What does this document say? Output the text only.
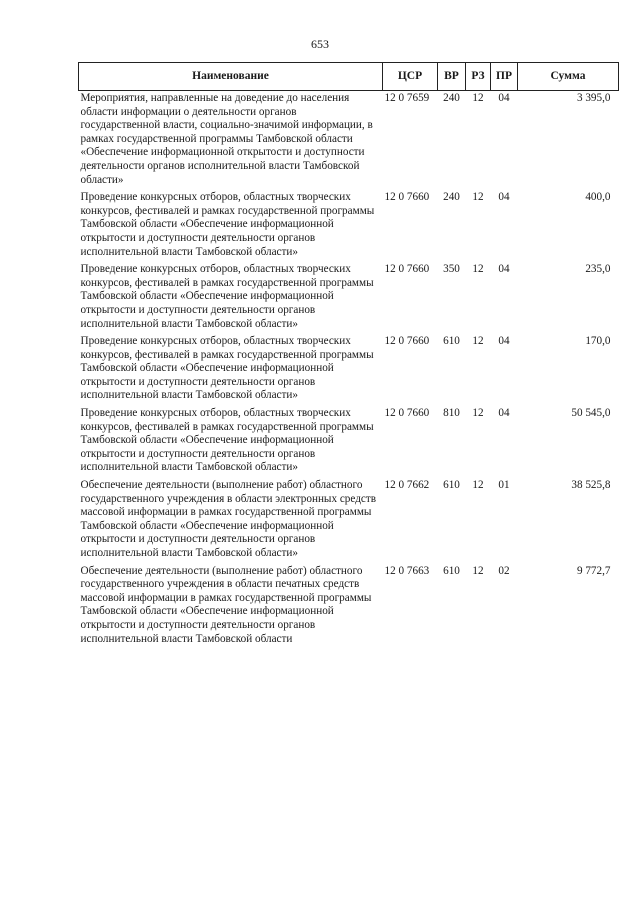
653
Наименование	ЦСР	ВР	РЗ	ПР	Сумма
Мероприятия, направленные на доведение до населения области информации о деятельности органов государственной власти, социально-значимой информации, в рамках государственной программы Тамбовской области «Обеспечение информационной открытости и доступности деятельности органов исполнительной власти Тамбовской области»	12 0 7659	240	12	04	3 395,0
Проведение конкурсных отборов, областных творческих конкурсов, фестивалей и рамках государственной программы Тамбовской области «Обеспечение информационной открытости и доступности деятельности органов исполнительной власти Тамбовской области»	12 0 7660	240	12	04	400,0
Проведение конкурсных отборов, областных творческих конкурсов, фестивалей в рамках государственной программы Тамбовской области «Обеспечение информационной открытости и доступности деятельности органов исполнительной власти Тамбовской области»	12 0 7660	350	12	04	235,0
Проведение конкурсных отборов, областных творческих конкурсов, фестивалей в рамках государственной программы Тамбовской области «Обеспечение информационной открытости и доступности деятельности органов исполнительной власти Тамбовской области»	12 0 7660	610	12	04	170,0
Проведение конкурсных отборов, областных творческих конкурсов, фестивалей в рамках государственной программы Тамбовской области «Обеспечение информационной открытости и доступности деятельности органов исполнительной власти Тамбовской области»	12 0 7660	810	12	04	50 545,0
Обеспечение деятельности (выполнение работ) областного государственного учреждения в области электронных средств массовой информации в рамках государственной программы Тамбовской области «Обеспечение информационной открытости и доступности деятельности органов исполнительной власти Тамбовской области»	12 0 7662	610	12	01	38 525,8
Обеспечение деятельности (выполнение работ) областного государственного учреждения в области печатных средств массовой информации в рамках государственной программы Тамбовской области «Обеспечение информационной открытости и доступности деятельности органов исполнительной власти Тамбовской области	12 0 7663	610	12	02	9 772,7
